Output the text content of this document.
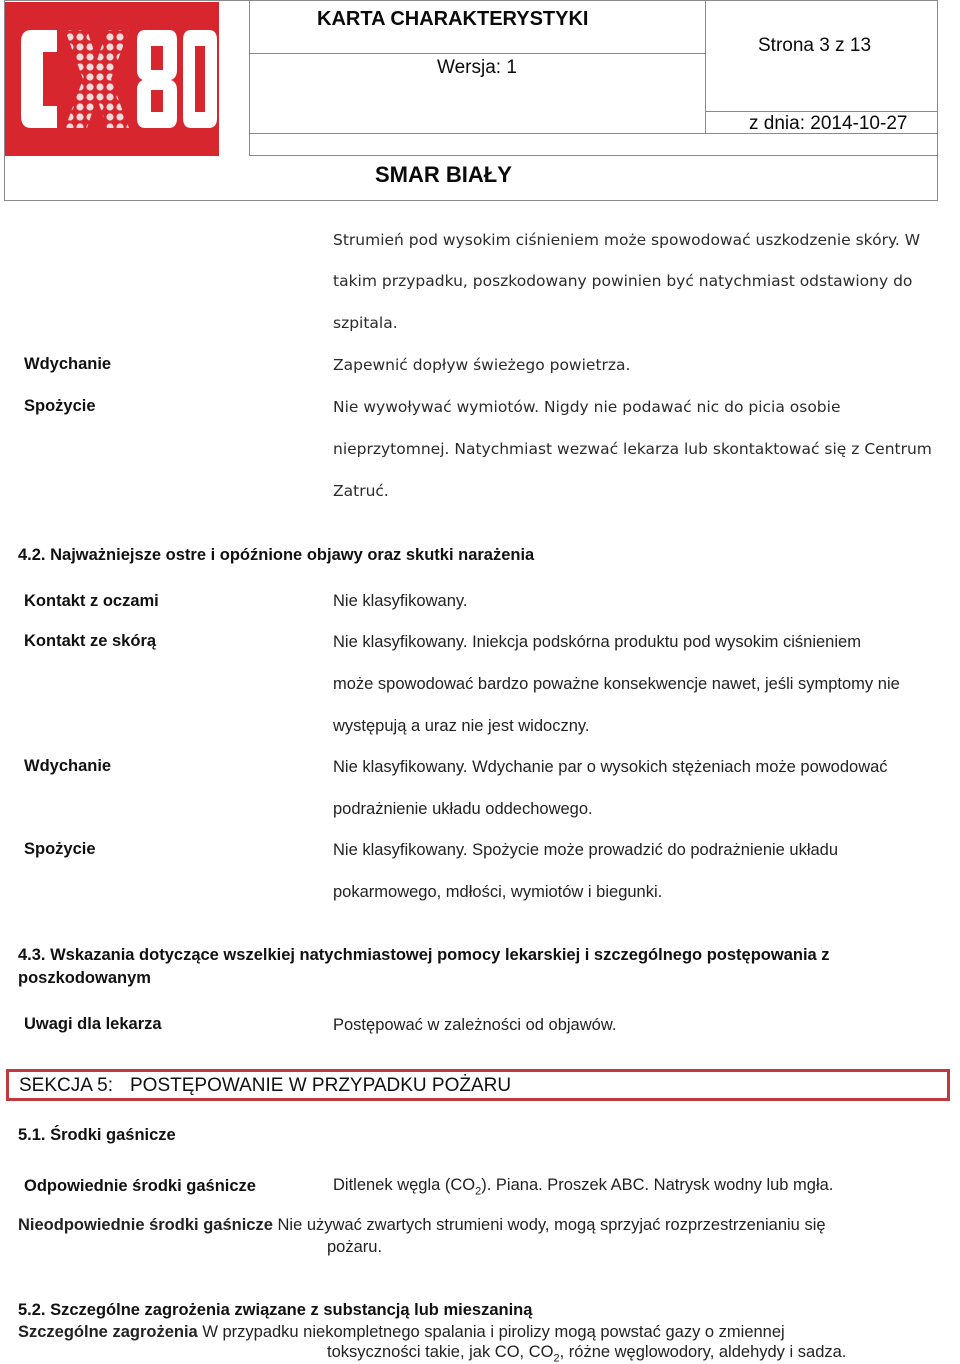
KARTA CHARAKTERYSTYKI
Wersja: 1
Strona 3 z 13
z dnia: 2014-10-27
SMAR BIAŁY
Strumień pod wysokim ciśnieniem może spowodować uszkodzenie skóry. W
takim przypadku, poszkodowany powinien być natychmiast odstawiony do
szpitala.
Wdychanie	Zapewnić dopływ świeżego powietrza.
Spożycie	Nie wywoływać wymiotów. Nigdy nie podawać nic do picia osobie
nieprzytomnej. Natychmiast wezwać lekarza lub skontaktować się z Centrum
Zatruć.
4.2. Najważniejsze ostre i opóźnione objawy oraz skutki narażenia
Kontakt z oczami	Nie klasyfikowany.
Kontakt ze skórą	Nie klasyfikowany. Iniekcja podskórna produktu pod wysokim ciśnieniem
może spowodować bardzo poważne konsekwencje nawet, jeśli symptomy nie
występują a uraz nie jest widoczny.
Wdychanie	Nie klasyfikowany. Wdychanie par o wysokich stężeniach może powodować
podrażnienie układu oddechowego.
Spożycie	Nie klasyfikowany. Spożycie może prowadzić do podrażnienie układu
pokarmowego, mdłości, wymiotów i biegunki.
4.3. Wskazania dotyczące wszelkiej natychmiastowej pomocy lekarskiej i szczególnego postępowania z
poszkodowanym
Uwagi dla lekarza	Postępować w zależności od objawów.
SEKCJA 5: POSTĘPOWANIE W PRZYPADKU POŻARU
5.1. Środki gaśnicze
Odpowiednie środki gaśnicze	Ditlenek węgla $(CO_2)$. Piana. Proszek ABC. Natrysk wodny lub mgła.
Nieodpowiednie środki gaśnicze Nie używać zwartych strumieni wody, mogą sprzyjać rozprzestrzenianiu się
pożaru.
5.2. Szczególne zagrożenia związane z substancją lub mieszaniną
Szczególne zagrożenia W przypadku niekompletnego spalania i pirolizy mogą powstać gazy o zmiennej
toksyczności takie, jak CO, $CO_2$, różne węglowodory, aldehydy i sadza.
